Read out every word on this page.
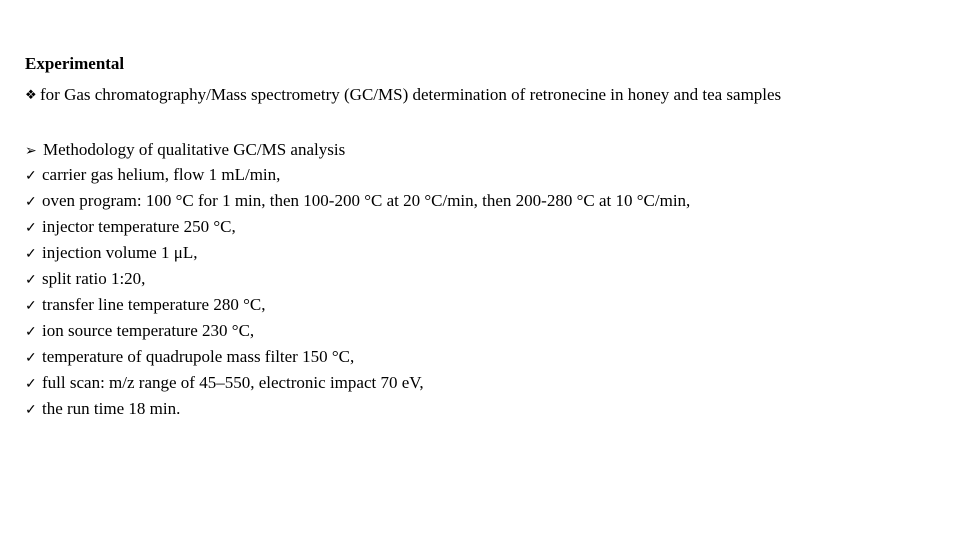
Experimental
❖ for Gas chromatography/Mass spectrometry (GC/MS) determination of retronecine in honey and tea samples
➢ Methodology of qualitative GC/MS analysis
✓ carrier gas helium, flow 1 mL/min,
✓ oven program: 100 °C for 1 min, then 100-200 °C at 20 °C/min, then 200-280 °C at 10 °C/min,
✓ injector temperature 250 °C,
✓ injection volume 1 μL,
✓ split ratio 1:20,
✓ transfer line temperature 280 °C,
✓ ion source temperature 230 °C,
✓ temperature of quadrupole mass filter 150 °C,
✓ full scan: m/z range of 45–550, electronic impact 70 eV,
✓ the run time 18 min.
